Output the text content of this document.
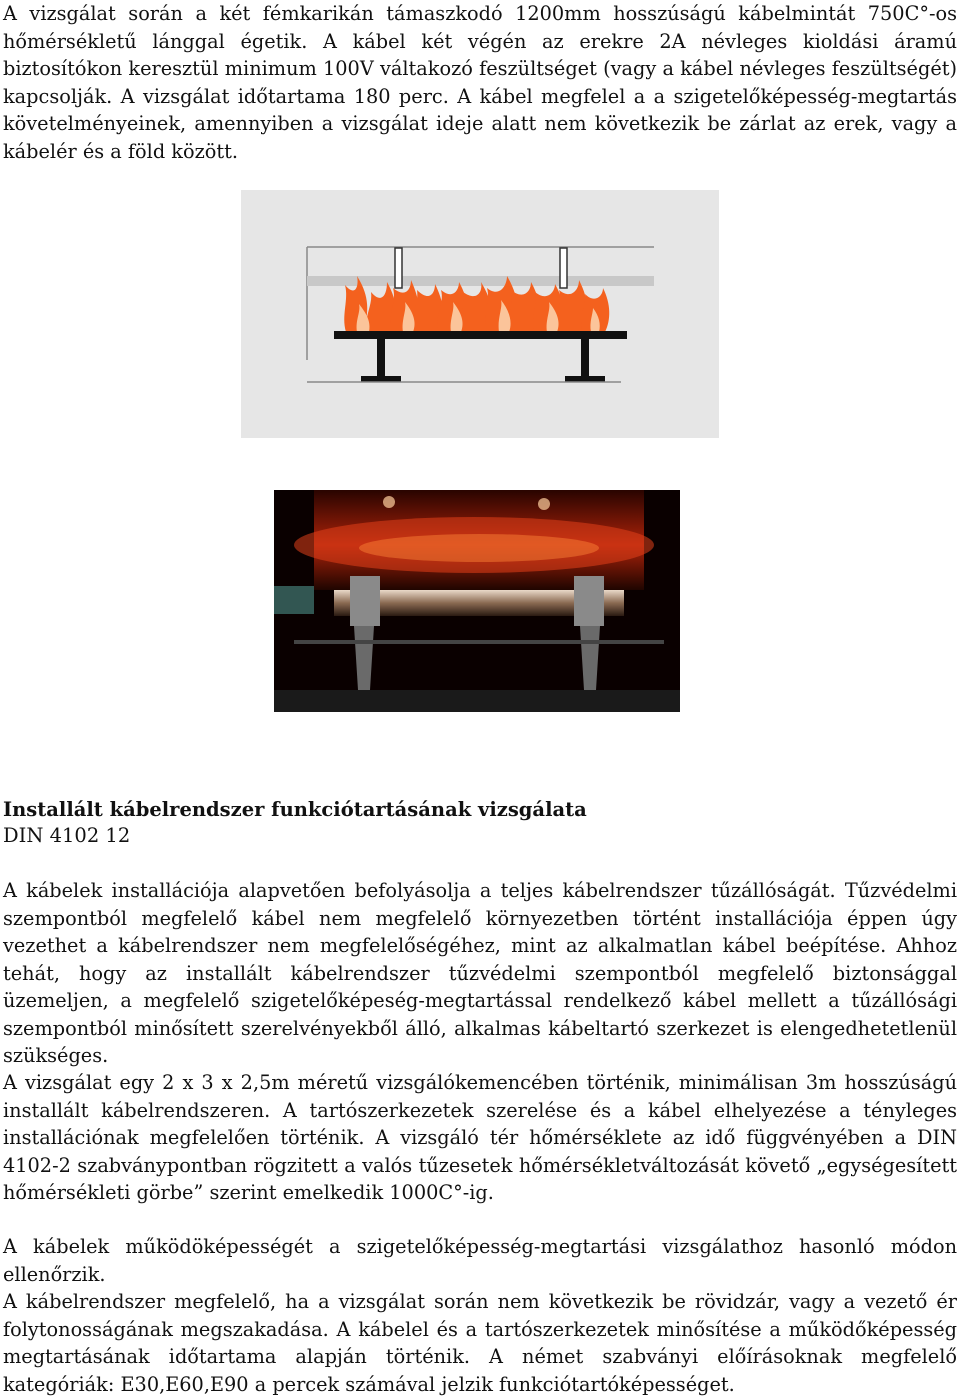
A vizsgálat során a két fémkarikán támaszkodó 1200mm hosszúságú kábelmintát 750C°-os hőmérsékletű lánggal égetik. A kábel két végén az erekre 2A névleges kioldási áramú biztosítókon keresztül minimum 100V váltakozó feszültséget (vagy a kábel névleges feszültségét) kapcsolják. A vizsgálat időtartama 180 perc. A kábel megfelel a a szigetelőképesség-megtartás követelményeinek, amennyiben a vizsgálat ideje alatt nem következik be zárlat az erek, vagy a kábelér és a föld között.

Installált kábelrendszer funkciótartásának vizsgálata

DIN 4102 12

A kábelek installációja alapvetően befolyásolja a teljes kábelrendszer tűzállóságát. Tűzvédelmi szempontból megfelelő kábel nem megfelelő környezetben történt installációja éppen úgy vezethet a kábelrendszer nem megfelelőségéhez, mint az alkalmatlan kábel beépítése. Ahhoz tehát, hogy az installált kábelrendszer tűzvédelmi szempontból megfelelő biztonsággal üzemeljen, a megfelelő szigetelőképeség-megtartással rendelkező kábel mellett a tűzállósági szempontból minősített szerelvényekből álló, alkalmas kábeltartó szerkezet is elengedhetetlenül szükséges.

A vizsgálat egy 2 x 3 x 2,5m méretű vizsgálókemencében történik, minimálisan 3m hosszúságú installált kábelrendszeren. A tartószerkezetek szerelése és a kábel elhelyezése a tényleges installációnak megfelelően történik. A vizsgáló tér hőmérséklete az idő függvényében a DIN 4102-2 szabványpontban rögzitett a valós tűzesetek hőmérsékletváltozását követő „egységesített hőmérsékleti görbe” szerint emelkedik 1000C°-ig.

A kábelek működöképességét a szigetelőképesség-megtartási vizsgálathoz hasonló módon ellenőrzik.

A kábelrendszer megfelelő, ha a vizsgálat során nem következik be rövidzár, vagy a vezető ér folytonosságának megszakadása. A kábelel és a tartószerkezetek minősítése a működőképesség megtartásának időtartama alapján történik. A német szabványi előírásoknak megfelelő kategóriák: E30,E60,E90 a percek számával jelzik funkciótartóképességet.
